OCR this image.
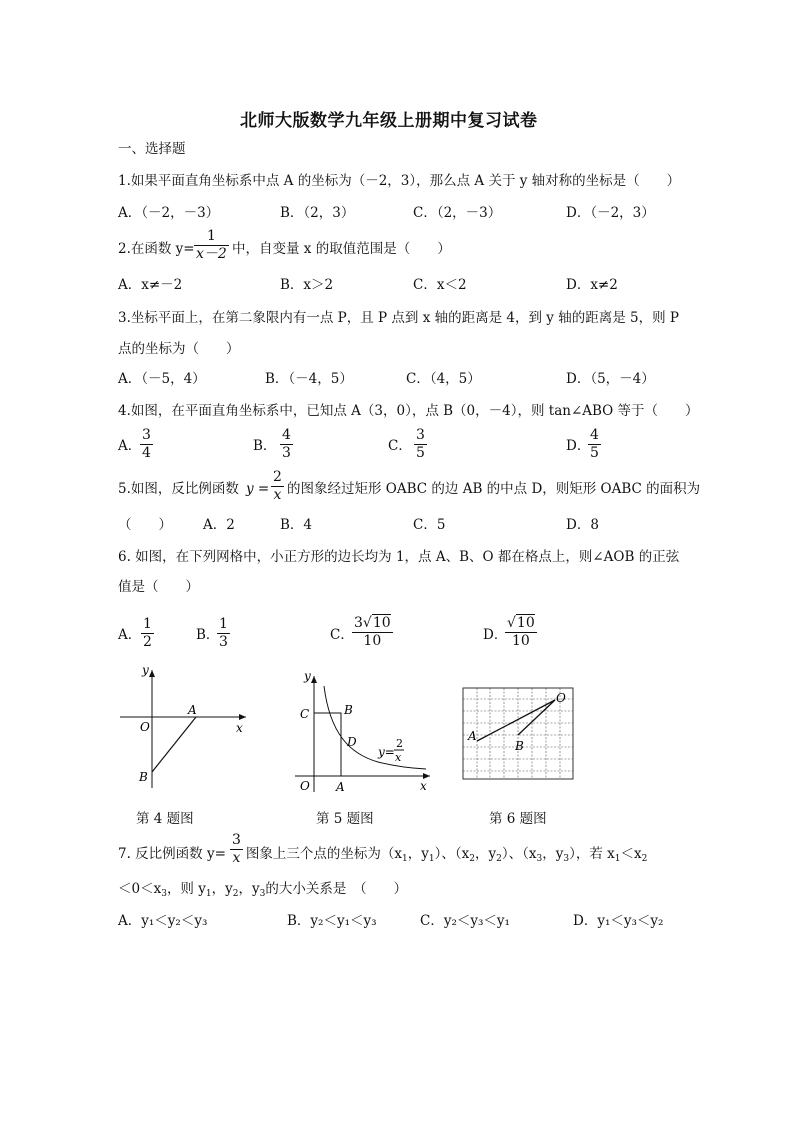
北师大版数学九年级上册期中复习试卷
一、选择题
1.如果平面直角坐标系中点 A 的坐标为（－2，3），那么点 A 关于 y 轴对称的坐标是（　　）
A．（－2，－3）	B．（2，3）	C．（2，－3）	D．（－2，3）
2.在函数 $y= \frac{1}{x-2}$ 中，自变量 x 的取值范围是（　　）
A．x≠－2	B．x＞2	C．x＜2	D．x≠2
3.坐标平面上，在第二象限内有一点 P，且 P 点到 x 轴的距离是 4，到 y 轴的距离是 5，则 P
点的坐标为（　　）
A．（－5，4）	B．（－4，5）	C．（4，5）	D．（5，－4）
4.如图，在平面直角坐标系中，已知点 A（3，0），点 B（0，－4），则 tan∠ABO 等于（　　）
A．
$\frac{3}{4}$	B． $\frac{4}{3}$	C． $\frac{3}{5}$	D．
$\frac{4}{5}$
5.如图，反比例函数 $y = \frac{2}{x}$ 的图象经过矩形 OABC 的边 AB 的中点 D，则矩形 OABC 的面积为
（　　） A．2	B．4	C．5	D．8
6. 如图，在下列网格中，小正方形的边长均为 1，点 A、B、O 都在格点上，则∠AOB 的正弦
值是（　　）
A． $\frac{1}{2}$	B．
$\frac{1}{3}$	C．
$\frac{3√10}{10}$	D．
$\frac{√10}{10}$
y
x
O
A
B
第 4 题图
y
x
O A
B
C
D
y=
2
x
第 5 题图
A
O
B
第 6 题图
7. 反比例函数 y= 图象上三个点的坐标为（$x_1$，$y_1$）、（$x_2$，$y_2$）、（$x_3$，$y_3$），若 $x_1<x_2$
$\frac{3}{x}$
$<0<x_3$，则 $y_1$，$y_2$，$y_3$的大小关系是　（　　）
A．y₁＜y₂＜y₃	B．y₂＜y₁＜y₃	C．y₂＜y₃＜y₁	D．y₁＜y₃＜y₂
